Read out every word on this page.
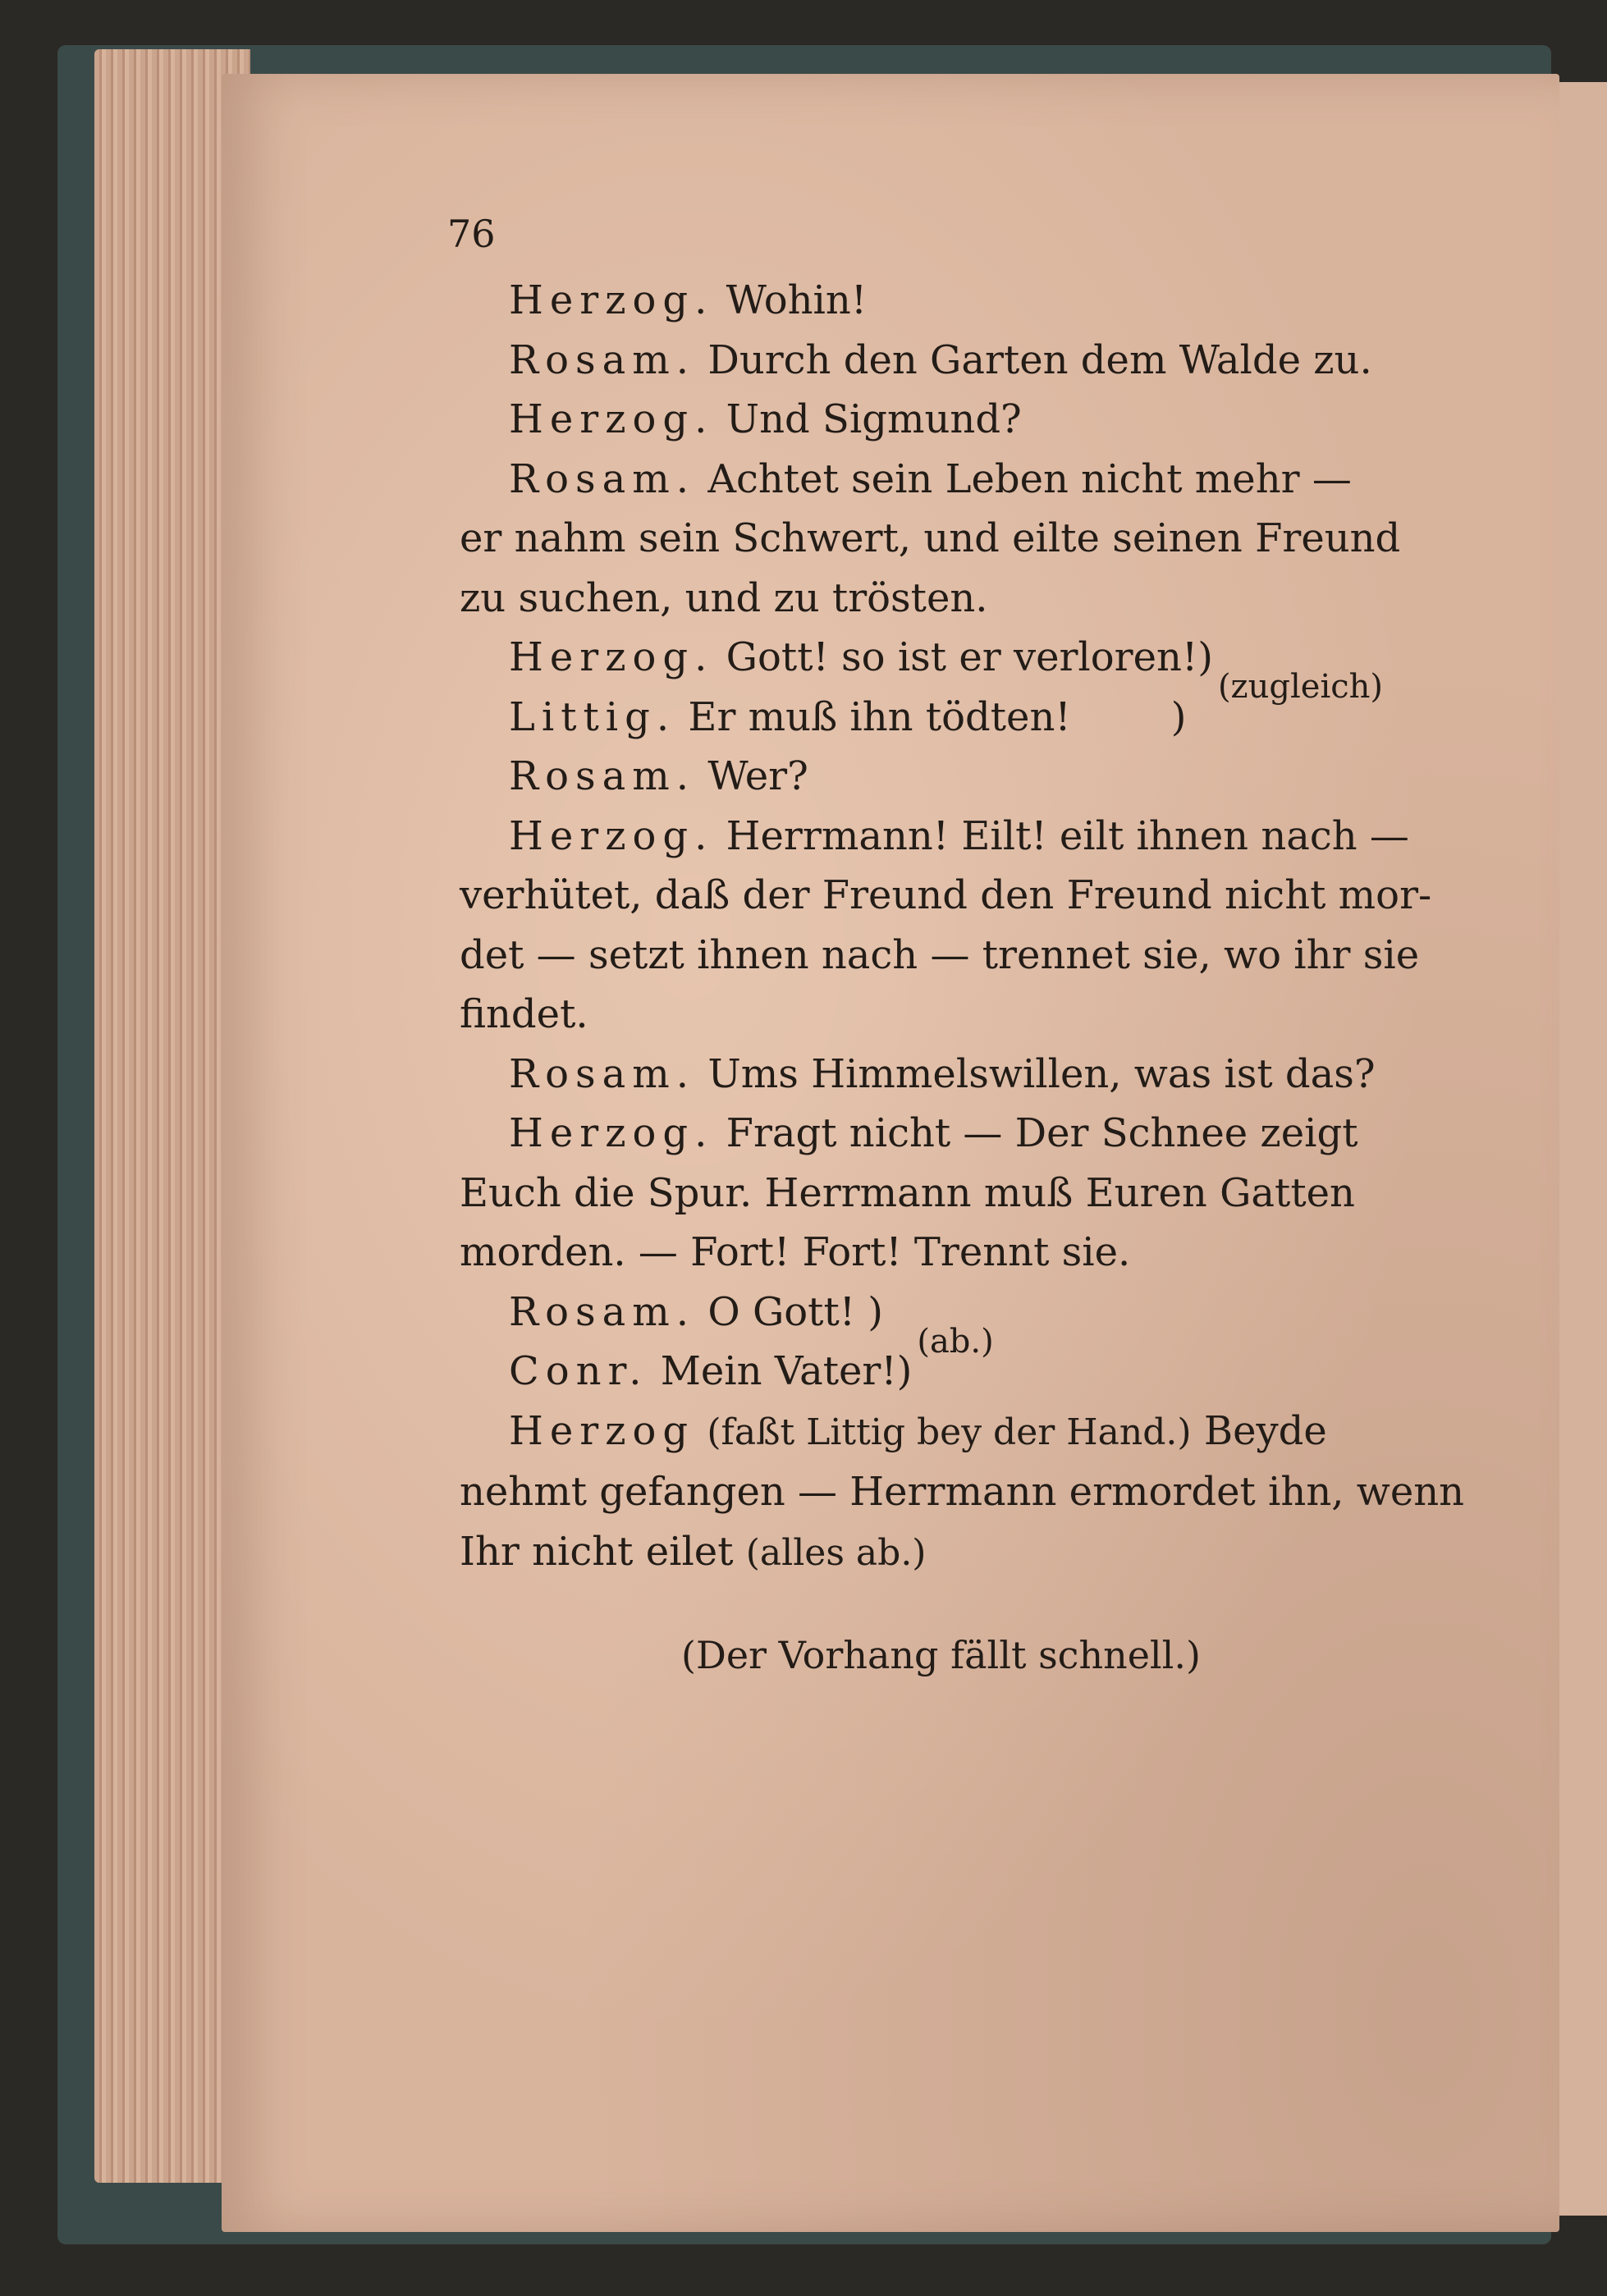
76
Herzog. Wohin!
Rosam. Durch den Garten dem Walde zu.
Herzog. Und Sigmund?
Rosam. Achtet sein Leben nicht mehr —
er nahm sein Schwert, und eilte seinen Freund
zu suchen, und zu trösten.
Herzog. Gott! so ist er verloren!)
Littig. Er muß ihn tödten!        )
(zugleich)
Rosam. Wer?
Herzog. Herrmann! Eilt! eilt ihnen nach —
verhütet, daß der Freund den Freund nicht mor-
det — setzt ihnen nach — trennet sie, wo ihr sie
findet.
Rosam. Ums Himmelswillen, was ist das?
Herzog. Fragt nicht — Der Schnee zeigt
Euch die Spur. Herrmann muß Euren Gatten
morden. — Fort! Fort! Trennt sie.
Rosam. O Gott! )
Conr. Mein Vater!)
(ab.)
Herzog (faßt Littig bey der Hand.) Beyde
nehmt gefangen — Herrmann ermordet ihn, wenn
Ihr nicht eilet (alles ab.)
(Der Vorhang fällt schnell.)
